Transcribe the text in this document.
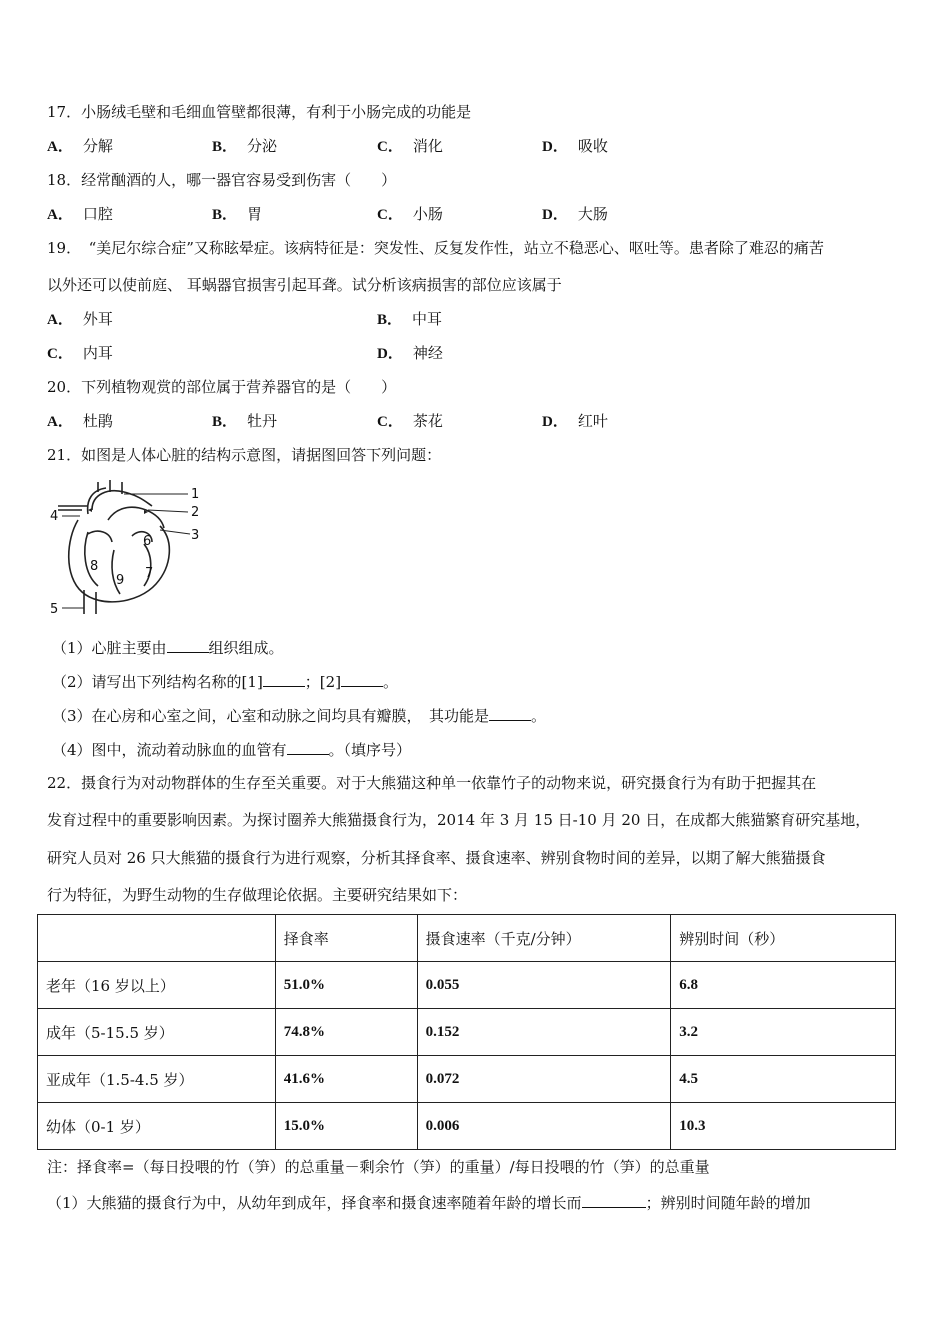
17．小肠绒毛壁和毛细血管壁都很薄，有利于小肠完成的功能是
A． 分解	B． 分泌	C． 消化	D． 吸收
18．经常酗酒的人，哪一器官容易受到伤害（　　）
A． 口腔	B． 胃	C． 小肠	D． 大肠
19．　“美尼尔综合症”又称眩晕症。该病特征是：突发性、反复发作性，站立不稳恶心、呕吐等。患者除了难忍的痛苦
以外还可以使前庭、 耳蜗器官损害引起耳聋。试分析该病损害的部位应该属于
A． 外耳	B． 中耳
C． 内耳	D． 神经
20．下列植物观赏的部位属于营养器官的是（　　）
A． 杜鹃	B． 牡丹	C． 茶花	D． 红叶
21．如图是人体心脏的结构示意图，请据图回答下列问题：
1
2
3
4
5
6
7
8
9
（1）心脏主要由	组织组成。
（2）请写出下列结构名称的[1]	；[2]	。
（3）在心房和心室之间，心室和动脉之间均具有瓣膜，　其功能是	。
（4）图中，流动着动脉血的血管有	。（填序号）
22．摄食行为对动物群体的生存至关重要。对于大熊猫这种单一依靠竹子的动物来说，研究摄食行为有助于把握其在
发育过程中的重要影响因素。为探讨圈养大熊猫摄食行为，2014 年 3 月 15 日-10 月 20 日，在成都大熊猫繁育研究基地，
研究人员对 26 只大熊猫的摄食行为进行观察，分析其择食率、摄食速率、辨别食物时间的差异，以期了解大熊猫摄食
行为特征，为野生动物的生存做理论依据。主要研究结果如下：
	择食率	摄食速率（千克/分钟）	辨别时间（秒）
老年（16 岁以上）	51.0%	0.055	6.8
成年（5-15.5 岁）	74.8%	0.152	3.2
亚成年（1.5-4.5 岁）	41.6%	0.072	4.5
幼体（0-1 岁）	15.0%	0.006	10.3
注：择食率=（每日投喂的竹（笋）的总重量－剩余竹（笋）的重量）/每日投喂的竹（笋）的总重量
（1）大熊猫的摄食行为中，从幼年到成年，择食率和摄食速率随着年龄的增长而	；辨别时间随年龄的增加
